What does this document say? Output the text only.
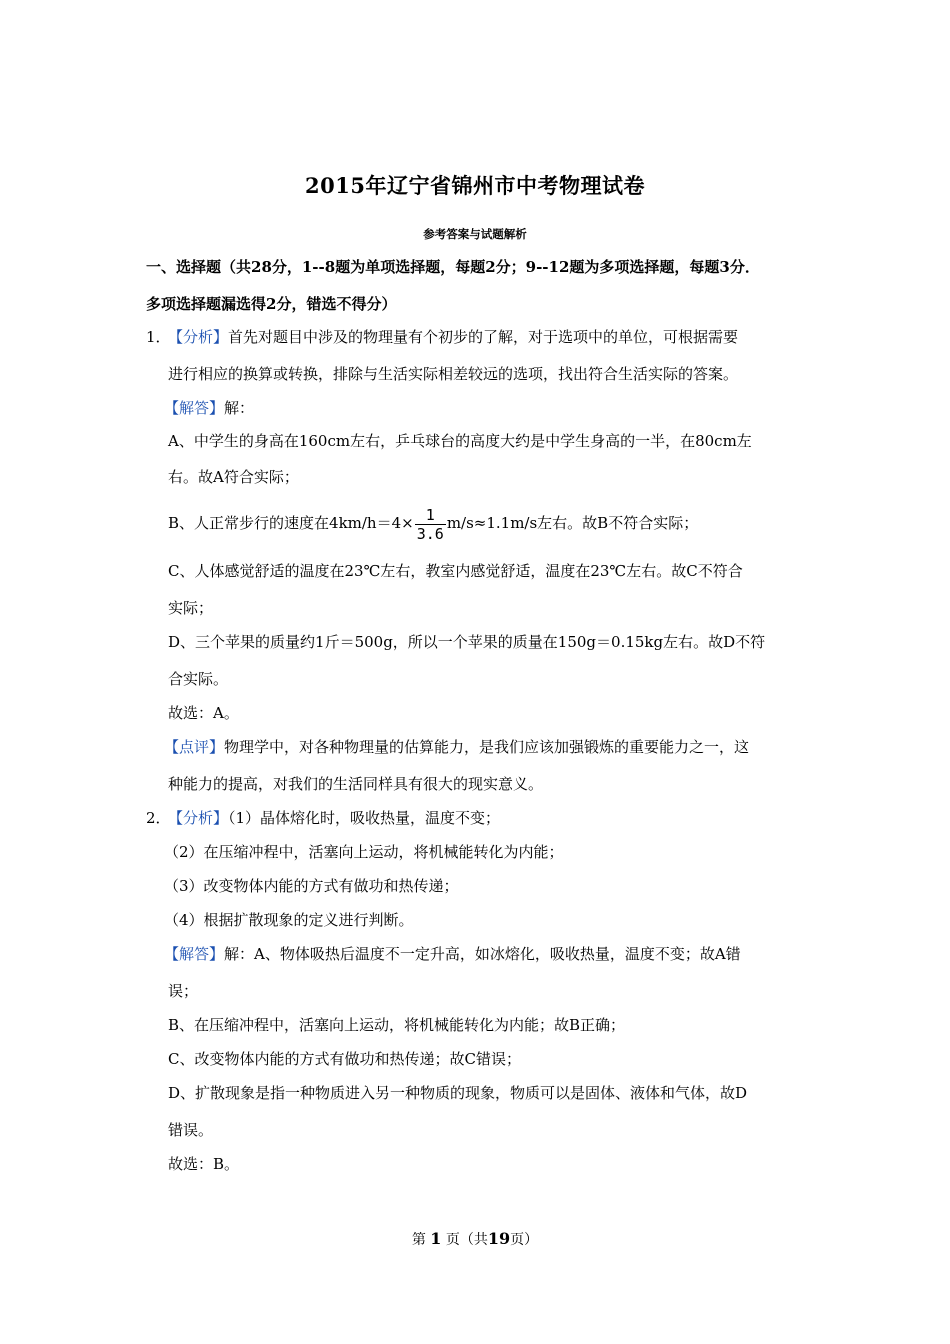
2015年辽宁省锦州市中考物理试卷
参考答案与试题解析
一、选择题（共28分，1--8题为单项选择题，每题2分；9--12题为多项选择题，每题3分．
多项选择题漏选得2分，错选不得分）
1．
【分析】首先对题目中涉及的物理量有个初步的了解，对于选项中的单位，可根据需要
进行相应的换算或转换，排除与生活实际相差较远的选项，找出符合生活实际的答案。
【解答】解：
A、中学生的身高在160cm左右，乒乓球台的高度大约是中学生身高的一半，在80cm左
右。故A符合实际；
B、人正常步行的速度在$4km/h=4\times \frac{1}{3.6} m/s\approx 1.1m/s$左右。故B不符合实际；
C、人体感觉舒适的温度在23℃左右，教室内感觉舒适，温度在23℃左右。故C不符合
实际；
D、三个苹果的质量约1斤＝500g，所以一个苹果的质量在150g＝0.15kg左右。故D不符
合实际。
故选：A。
【点评】物理学中，对各种物理量的估算能力，是我们应该加强锻炼的重要能力之一，这
种能力的提高，对我们的生活同样具有很大的现实意义。
2．
【分析】（1）晶体熔化时，吸收热量，温度不变；
（2）在压缩冲程中，活塞向上运动，将机械能转化为内能；
（3）改变物体内能的方式有做功和热传递；
（4）根据扩散现象的定义进行判断。
【解答】解：A、物体吸热后温度不一定升高，如冰熔化，吸收热量，温度不变；故A错
误；
B、在压缩冲程中，活塞向上运动，将机械能转化为内能；故B正确；
C、改变物体内能的方式有做功和热传递；故C错误；
D、扩散现象是指一种物质进入另一种物质的现象，物质可以是固体、液体和气体，故D
错误。
故选：B。
第 1 页（共19页）
